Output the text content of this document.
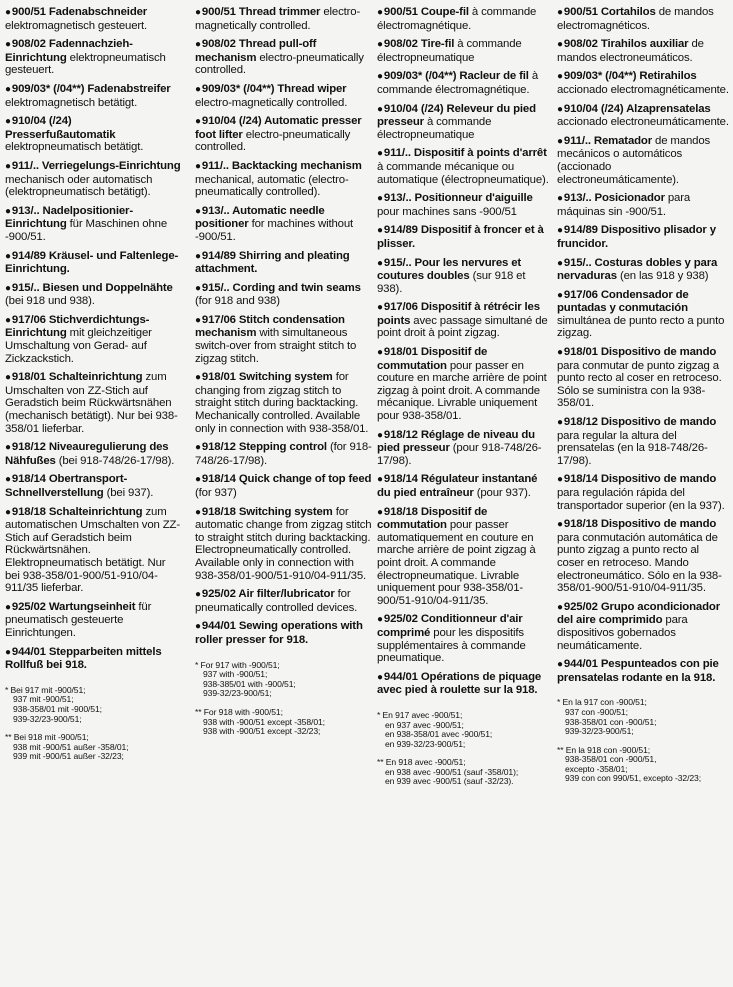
● 900/51 Fadenabschneider elektromagnetisch gesteuert.
● 908/02 Fadennachzieh-Einrichtung elektropneumatisch gesteuert.
● 909/03* (/04**) Fadenabstreifer elektromagnetisch betätigt.
● 910/04 (/24) Presserfußautomatik elektropneumatisch betätigt.
● 911/.. Verriegelungs-Einrichtung mechanisch oder automatisch (elektropneumatisch betätigt).
● 913/.. Nadelpositionier-Einrichtung für Maschinen ohne -900/51.
● 914/89 Kräusel- und Faltenlege-Einrichtung.
● 915/.. Biesen und Doppelnähte (bei 918 und 938).
● 917/06 Stichverdichtungs-Einrichtung mit gleichzeitiger Umschaltung von Gerad- auf Zickzackstich.
● 918/01 Schalteinrichtung zum Umschalten von ZZ-Stich auf Geradstich beim Rückwärtsnähen (mechanisch betätigt). Nur bei 938-358/01 lieferbar.
● 918/12 Niveauregulierung des Nähfußes (bei 918-748/26-17/98).
● 918/14 Obertransport-Schnellverstellung (bei 937).
● 918/18 Schalteinrichtung zum automatischen Umschalten von ZZ-Stich auf Geradstich beim Rückwärtsnähen. Elektropneumatisch betätigt. Nur bei 938-358/01-900/51-910/04-911/35 lieferbar.
● 925/02 Wartungseinheit für pneumatisch gesteuerte Einrichtungen.
● 944/01 Stepparbeiten mittels Rollfuß bei 918.
* Bei 917 mit -900/51;
937 mit -900/51;
938-358/01 mit -900/51;
939-32/23-900/51;
** Bei 918 mit -900/51;
938 mit -900/51 außer -358/01;
939 mit -900/51 außer -32/23;
● 900/51 Thread trimmer electro-magnetically controlled.
● 908/02 Thread pull-off mechanism electro-pneumatically controlled.
● 909/03* (/04**) Thread wiper electro-magnetically controlled.
● 910/04 (/24) Automatic presser foot lifter electro-pneumatically controlled.
● 911/.. Backtacking mechanism mechanical, automatic (electro-pneumatically controlled).
● 913/.. Automatic needle positioner for machines without -900/51.
● 914/89 Shirring and pleating attachment.
● 915/.. Cording and twin seams (for 918 and 938)
● 917/06 Stitch condensation mechanism with simultaneous switch-over from straight stitch to zigzag stitch.
● 918/01 Switching system for changing from zigzag stitch to straight stitch during backtacking. Mechanically controlled. Available only in connection with 938-358/01.
● 918/12 Stepping control (for 918-748/26-17/98).
● 918/14 Quick change of top feed (for 937)
● 918/18 Switching system for automatic change from zigzag stitch to straight stitch during backtacking. Electropneumatically controlled. Available only in connection with 938-358/01-900/51-910/04-911/35.
● 925/02 Air filter/lubricator for pneumatically controlled devices.
● 944/01 Sewing operations with roller presser for 918.
* For 917 with -900/51;
937 with -900/51;
938-385/01 with -900/51;
939-32/23-900/51;
** For 918 with -900/51;
938 with -900/51 except -358/01;
938 with -900/51 except -32/23;
● 900/51 Coupe-fil à commande électromagnétique.
● 908/02 Tire-fil à commande électropneumatique
● 909/03* (/04**) Racleur de fil à commande électromagnétique.
● 910/04 (/24) Releveur du pied presseur à commande électropneumatique
● 911/.. Dispositif à points d'arrêt à commande mécanique ou automatique (électropneumatique).
● 913/.. Positionneur d'aiguille pour machines sans -900/51
● 914/89 Dispositif à froncer et à plisser.
● 915/.. Pour les nervures et coutures doubles (sur 918 et 938).
● 917/06 Dispositif à rétrécir les points avec passage simultané de point droit à point zigzag.
● 918/01 Dispositif de commutation pour passer en couture en marche arrière de point zigzag à point droit. A commande mécanique. Livrable uniquement pour 938-358/01.
● 918/12 Réglage de niveau du pied presseur (pour 918-748/26-17/98).
● 918/14 Régulateur instantané du pied entraîneur (pour 937).
● 918/18 Dispositif de commutation pour passer automatiquement en couture en marche arrière de point zigzag à point droit. A commande électropneumatique. Livrable uniquement pour 938-358/01-900/51-910/04-911/35.
● 925/02 Conditionneur d'air comprimé pour les dispositifs supplémentaires à commande pneumatique.
● 944/01 Opérations de piquage avec pied à roulette sur la 918.
* En 917 avec -900/51;
en 937 avec -900/51;
en 938-358/01 avec -900/51;
en 939-32/23-900/51;
** En 918 avec -900/51;
en 938 avec -900/51 (sauf -358/01);
en 939 avec -900/51 (sauf -32/23).
● 900/51 Cortahilos de mandos electromagnéticos.
● 908/02 Tirahilos auxiliar de mandos electroneumáticos.
● 909/03* (/04**) Retirahilos accionado electromagnéticamente.
● 910/04 (/24) Alzaprensatelas accionado electroneumáticamente.
● 911/.. Rematador de mandos mecánicos o automáticos (accionado electroneumáticamente).
● 913/.. Posicionador para máquinas sin -900/51.
● 914/89 Dispositivo plisador y fruncidor.
● 915/.. Costuras dobles y para nervaduras (en las 918 y 938)
● 917/06 Condensador de puntadas y conmutación simultánea de punto recto a punto zigzag.
● 918/01 Dispositivo de mando para conmutar de punto zigzag a punto recto al coser en retroceso. Sólo se suministra con la 938-358/01.
● 918/12 Dispositivo de mando para regular la altura del prensatelas (en la 918-748/26-17/98).
● 918/14 Dispositivo de mando para regulación rápida del transportador superior (en la 937).
● 918/18 Dispositivo de mando para conmutación automática de punto zigzag a punto recto al coser en retroceso. Mando electroneumático. Sólo en la 938-358/01-900/51-910/04-911/35.
● 925/02 Grupo acondicionador del aire comprimido para dispositivos gobernados neumáticamente.
● 944/01 Pespunteados con pie prensatelas rodante en la 918.
* En la 917 con -900/51;
937 con -900/51;
938-358/01 con -900/51;
939-32/23-900/51;
** En la 918 con -900/51;
938-358/01 con -900/51,
excepto -358/01;
939 con con 990/51, excepto -32/23;
